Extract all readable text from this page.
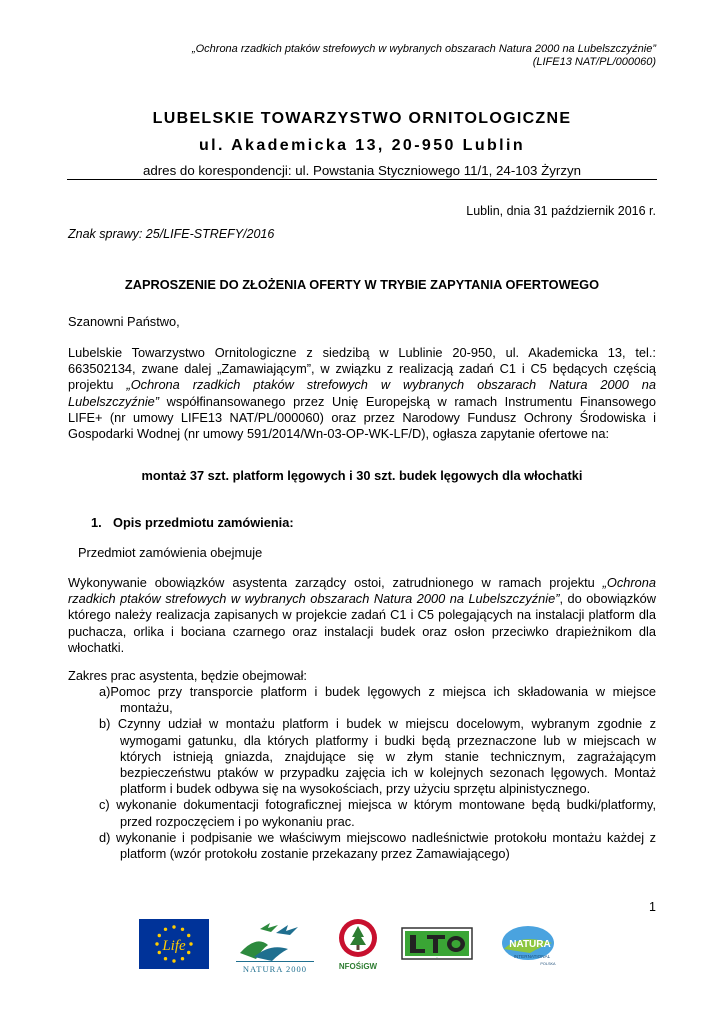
„Ochrona rzadkich ptaków strefowych w wybranych obszarach Natura 2000 na Lubelszczyźnie”
(LIFE13 NAT/PL/000060)
LUBELSKIE TOWARZYSTWO ORNITOLOGICZNE
ul. Akademicka 13, 20-950 Lublin
adres do korespondencji: ul. Powstania Styczniowego 11/1, 24-103 Żyrzyn
Lublin, dnia 31 październik 2016 r.
Znak sprawy: 25/LIFE-STREFY/2016
ZAPROSZENIE DO ZŁOŻENIA OFERTY W TRYBIE ZAPYTANIA OFERTOWEGO
Szanowni Państwo,

Lubelskie Towarzystwo Ornitologiczne z siedzibą w Lublinie 20-950, ul. Akademicka 13, tel.: 663502134, zwane dalej „Zamawiającym”, w związku z realizacją zadań C1 i C5 będących częścią projektu „Ochrona rzadkich ptaków strefowych w wybranych obszarach Natura 2000 na Lubelszczyźnie” współfinansowanego przez Unię Europejską w ramach Instrumentu Finansowego LIFE+ (nr umowy LIFE13 NAT/PL/000060) oraz przez Narodowy Fundusz Ochrony Środowiska i Gospodarki Wodnej (nr umowy 591/2014/Wn-03-OP-WK-LF/D), ogłasza zapytanie ofertowe na:

montaż 37 szt. platform lęgowych i 30 szt. budek lęgowych dla włochatki
1. Opis przedmiotu zamówienia:
Przedmiot zamówienia obejmuje

Wykonywanie obowiązków asystenta zarządcy ostoi, zatrudnionego w ramach projektu „Ochrona rzadkich ptaków strefowych w wybranych obszarach Natura 2000 na Lubelszczyźnie”, do obowiązków którego należy realizacja zapisanych w projekcie zadań C1 i C5 polegających na instalacji platform dla puchacza, orlika i bociana czarnego oraz instalacji budek oraz osłon przeciwko drapieżnikom dla włochatki.

Zakres prac asystenta, będzie obejmował:
a)Pomoc przy transporcie platform i budek lęgowych z miejsca ich składowania w miejsce montażu,
b) Czynny udział w montażu platform i budek w miejscu docelowym, wybranym zgodnie z wymogami gatunku, dla których platformy i budki będą przeznaczone lub w miejscach w których istnieją gniazda, znajdujące się w złym stanie technicznym, zagrażającym bezpieczeństwu ptaków w przypadku zajęcia ich w kolejnych sezonach lęgowych. Montaż platform i budek odbywa się na wysokościach, przy użyciu sprzętu alpinistycznego.
c) wykonanie dokumentacji fotograficznej miejsca w którym montowane będą budki/platformy, przed rozpoczęciem i po wykonaniu prac.
d) wykonanie i podpisanie we właściwym miejscowo nadleśnictwie protokołu montażu każdej z platform (wzór protokołu zostanie przekazany przez Zamawiającego)
1
Life
NATURA 2000	NFOŚiGW
LTO
NATURA
INTERNATIONAL
POLSKA
